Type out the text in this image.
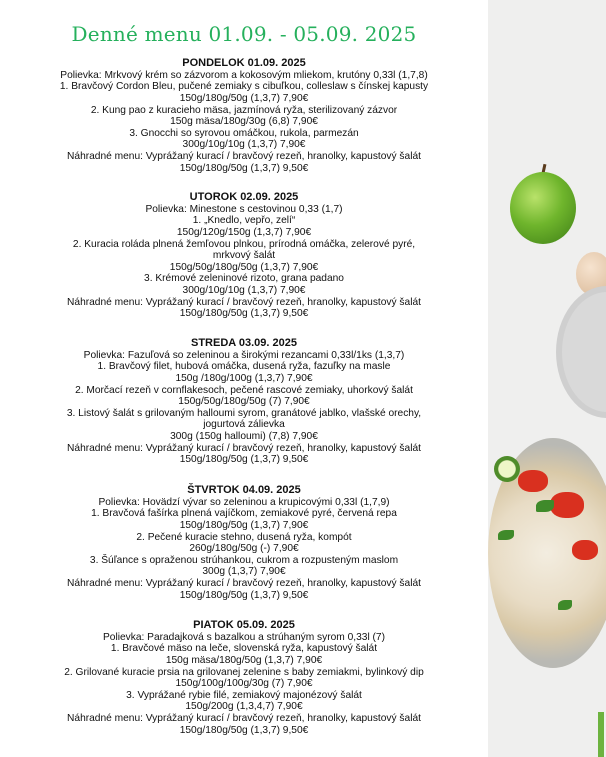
Denné menu 01.09. - 05.09. 2025

PONDELOK 01.09. 2025

Polievka: Mrkvový krém so zázvorom a kokosovým mliekom, krutóny 0,33l (1,7,8)

1. Bravčový Cordon Bleu, pučené zemiaky s cibuľkou, colleslaw s čínskej kapusty

150g/180g/50g (1,3,7) 7,90€

2. Kung pao z kuracieho mäsa, jazmínová ryža, sterilizovaný zázvor

150g mäsa/180g/30g (6,8) 7,90€

3. Gnocchi so syrovou omáčkou, rukola, parmezán

300g/10g/10g (1,3,7) 7,90€

Náhradné menu: Vyprážaný kurací / bravčový rezeň, hranolky, kapustový šalát

150g/180g/50g (1,3,7) 9,50€

UTOROK 02.09. 2025

Polievka: Minestone s cestovinou 0,33 (1,7)

1. „Knedlo, vepřo, zelí“

150g/120g/150g (1,3,7) 7,90€

2. Kuracia roláda plnená žemľovou plnkou, prírodná omáčka, zelerové pyré,

mrkvový šalát

150g/50g/180g/50g (1,3,7) 7,90€

3. Krémové zeleninové rizoto, grana padano

300g/10g/10g (1,3,7) 7,90€

Náhradné menu: Vyprážaný kurací / bravčový rezeň, hranolky, kapustový šalát

150g/180g/50g (1,3,7) 9,50€

STREDA 03.09. 2025

Polievka: Fazuľová so zeleninou a širokými rezancami 0,33l/1ks (1,3,7)

1. Bravčový filet, hubová omáčka, dusená ryža, fazuľky na masle

150g /180g/100g (1,3,7) 7,90€

2. Morčací rezeň v cornflakesoch, pečené rascové zemiaky, uhorkový šalát

150g/50g/180g/50g (7) 7,90€

3. Listový šalát s grilovaným halloumi syrom, granátové jablko, vlašské orechy,

jogurtová zálievka

300g (150g halloumi) (7,8) 7,90€

Náhradné menu: Vyprážaný kurací / bravčový rezeň, hranolky, kapustový šalát

150g/180g/50g (1,3,7) 9,50€

ŠTVRTOK 04.09. 2025

Polievka: Hovädzí vývar so zeleninou a krupicovými 0,33l (1,7,9)

1. Bravčová fašírka plnená vajíčkom, zemiakové pyré, červená repa

150g/180g/50g (1,3,7) 7,90€

2. Pečené kuracie stehno, dusená ryža, kompót

260g/180g/50g (-) 7,90€

3. Šúľance s opraženou strúhankou, cukrom a rozpusteným maslom

300g (1,3,7) 7,90€

Náhradné menu: Vyprážaný kurací / bravčový rezeň, hranolky, kapustový šalát

150g/180g/50g (1,3,7) 9,50€

PIATOK 05.09. 2025

Polievka: Paradajková s bazalkou a strúhaným syrom 0,33l (7)

1. Bravčové mäso na leče, slovenská ryža, kapustový šalát

150g mäsa/180g/50g (1,3,7) 7,90€

2. Grilované kuracie prsia na grilovanej zelenine s baby zemiakmi, bylinkový dip

150g/100g/100g/30g (7) 7,90€

3. Vyprážané rybie filé, zemiakový majonézový šalát

150g/200g (1,3,4,7) 7,90€

Náhradné menu: Vyprážaný kurací / bravčový rezeň, hranolky, kapustový šalát

150g/180g/50g (1,3,7) 9,50€
